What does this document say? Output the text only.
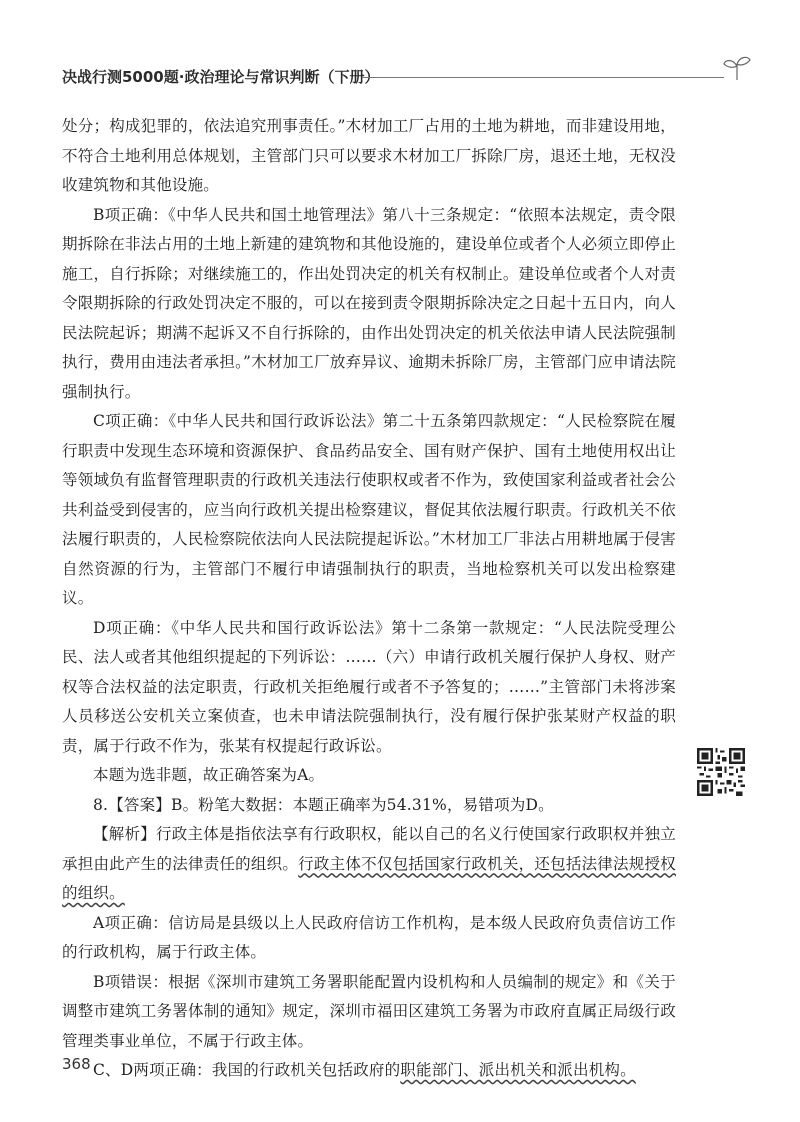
决战行测5000题·政治理论与常识判断（下册）

处分；构成犯罪的，依法追究刑事责任。”木材加工厂占用的土地为耕地，而非建设用地，不符合土地利用总体规划，主管部门只可以要求木材加工厂拆除厂房，退还土地，无权没收建筑物和其他设施。

B项正确：《中华人民共和国土地管理法》第八十三条规定：“依照本法规定，责令限期拆除在非法占用的土地上新建的建筑物和其他设施的，建设单位或者个人必须立即停止施工，自行拆除；对继续施工的，作出处罚决定的机关有权制止。建设单位或者个人对责令限期拆除的行政处罚决定不服的，可以在接到责令限期拆除决定之日起十五日内，向人民法院起诉；期满不起诉又不自行拆除的，由作出处罚决定的机关依法申请人民法院强制执行，费用由违法者承担。”木材加工厂放弃异议、逾期未拆除厂房，主管部门应申请法院强制执行。

C项正确：《中华人民共和国行政诉讼法》第二十五条第四款规定：“人民检察院在履行职责中发现生态环境和资源保护、食品药品安全、国有财产保护、国有土地使用权出让等领域负有监督管理职责的行政机关违法行使职权或者不作为，致使国家利益或者社会公共利益受到侵害的，应当向行政机关提出检察建议，督促其依法履行职责。行政机关不依法履行职责的，人民检察院依法向人民法院提起诉讼。”木材加工厂非法占用耕地属于侵害自然资源的行为，主管部门不履行申请强制执行的职责，当地检察机关可以发出检察建议。

D项正确：《中华人民共和国行政诉讼法》第十二条第一款规定：“人民法院受理公民、法人或者其他组织提起的下列诉讼：……（六）申请行政机关履行保护人身权、财产权等合法权益的法定职责，行政机关拒绝履行或者不予答复的；……”主管部门未将涉案人员移送公安机关立案侦查，也未申请法院强制执行，没有履行保护张某财产权益的职责，属于行政不作为，张某有权提起行政诉讼。

本题为选非题，故正确答案为A。

8.【答案】B。粉笔大数据：本题正确率为54.31%，易错项为D。

【解析】行政主体是指依法享有行政职权，能以自己的名义行使国家行政职权并独立承担由此产生的法律责任的组织。行政主体不仅包括国家行政机关，还包括法律法规授权的组织。

A项正确：信访局是县级以上人民政府信访工作机构，是本级人民政府负责信访工作的行政机构，属于行政主体。

B项错误：根据《深圳市建筑工务署职能配置内设机构和人员编制的规定》和《关于调整市建筑工务署体制的通知》规定，深圳市福田区建筑工务署为市政府直属正局级行政管理类事业单位，不属于行政主体。

C、D两项正确：我国的行政机关包括政府的职能部门、派出机关和派出机构。

368
